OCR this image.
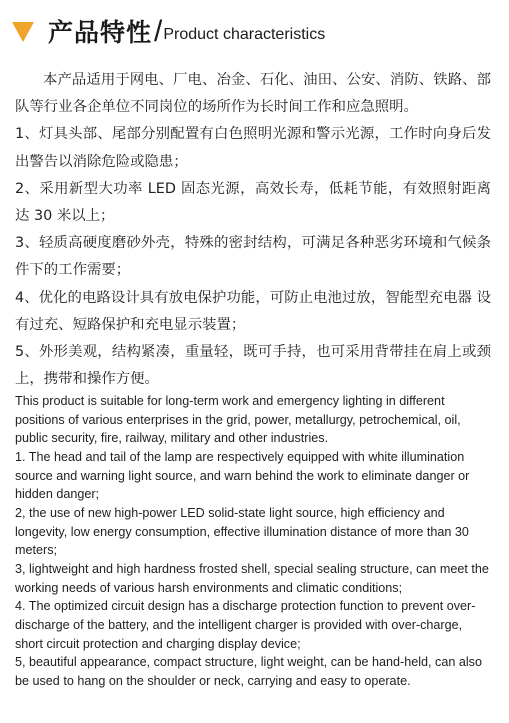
产品特性 / Product characteristics

本产品适用于网电、厂电、冶金、石化、油田、公安、消防、铁路、部队等行业各企单位不同岗位的场所作为长时间工作和应急照明。

1、灯具头部、尾部分别配置有白色照明光源和警示光源，工作时向身后发出警告以消除危险或隐患；

2、采用新型大功率 LED 固态光源，高效长寿，低耗节能，有效照射距离达 30 米以上；

3、轻质高硬度磨砂外壳，特殊的密封结构，可满足各种恶劣环境和气候条件下的工作需要；

4、优化的电路设计具有放电保护功能，可防止电池过放，智能型充电器 设有过充、短路保护和充电显示装置；

5、外形美观，结构紧凑，重量轻，既可手持，也可采用背带挂在肩上或颈上，携带和操作方便。

This product is suitable for long-term work and emergency lighting in different positions of various enterprises in the grid, power, metallurgy, petrochemical, oil, public security, fire, railway, military and other industries.

1. The head and tail of the lamp are respectively equipped with white illumination source and warning light source, and warn behind the work to eliminate danger or hidden danger;

2, the use of new high-power LED solid-state light source, high efficiency and longevity, low energy consumption, effective illumination distance of more than 30 meters;

3, lightweight and high hardness frosted shell, special sealing structure, can meet the working needs of various harsh environments and climatic conditions;

4. The optimized circuit design has a discharge protection function to prevent over-discharge of the battery, and the intelligent charger is provided with over-charge, short circuit protection and charging display device;

5, beautiful appearance, compact structure, light weight, can be hand-held, can also be used to hang on the shoulder or neck, carrying and easy to operate.
